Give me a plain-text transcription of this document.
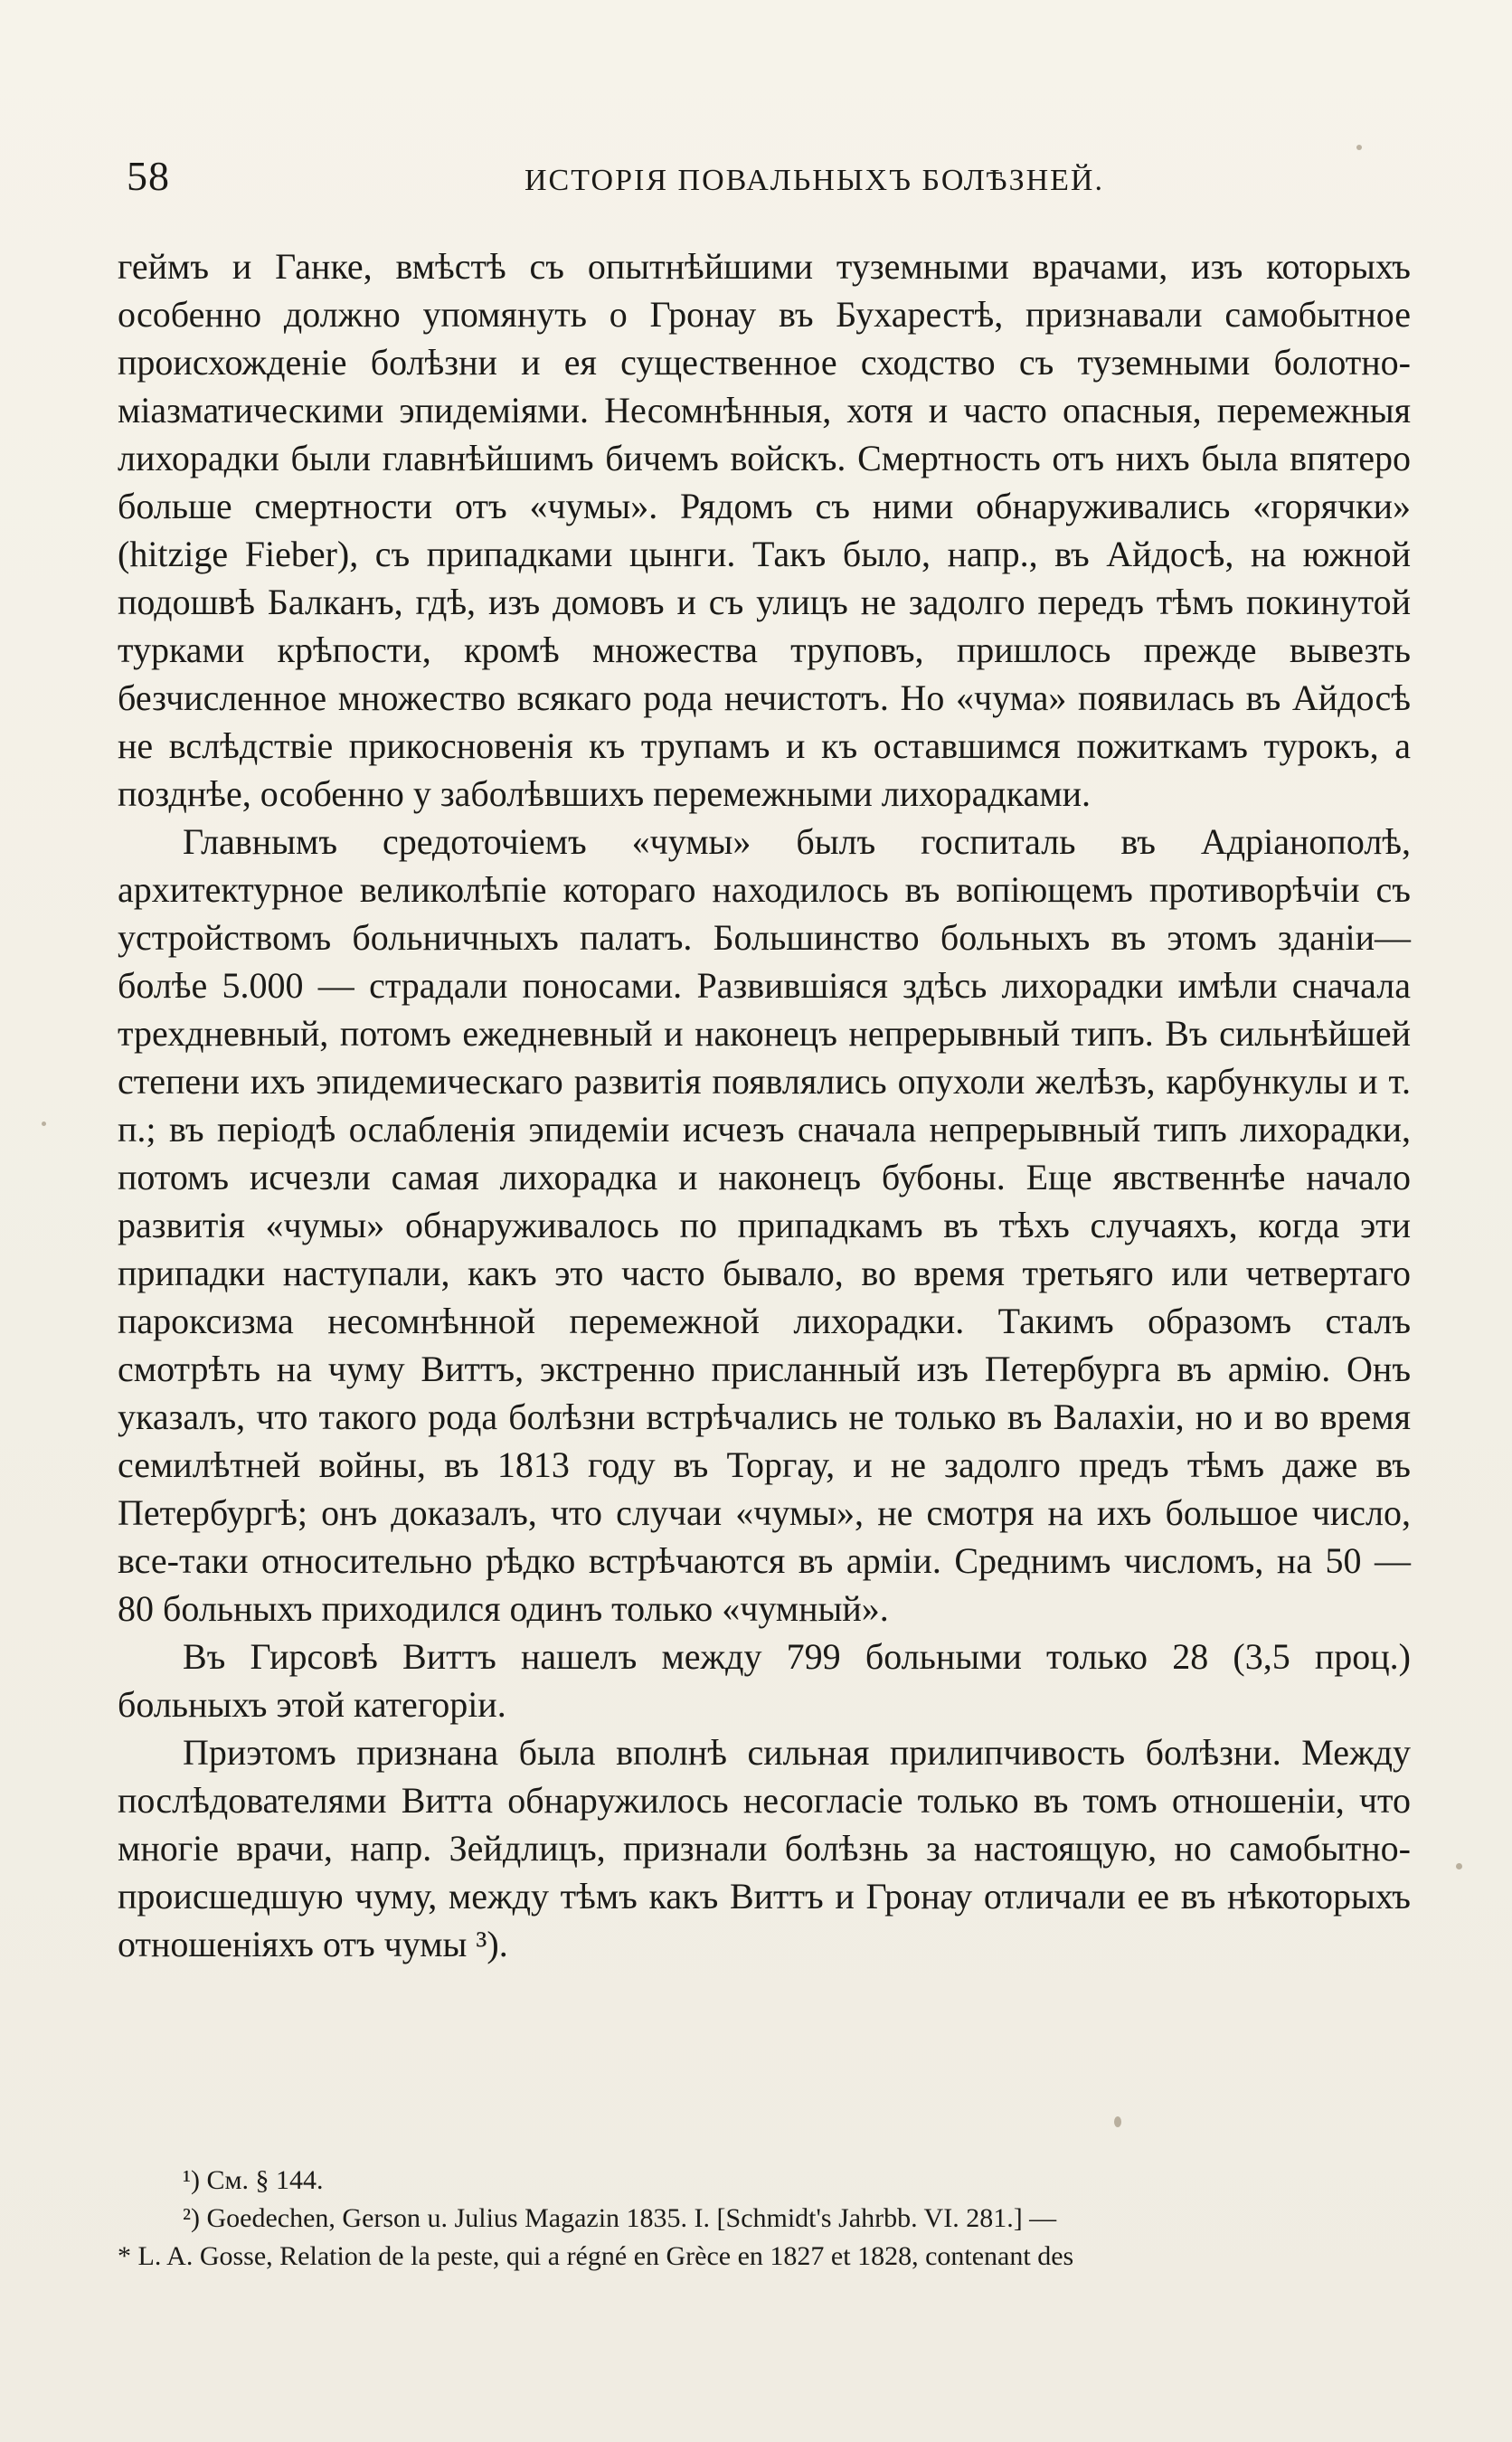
58	ИСТОРІЯ ПОВАЛЬНЫХЪ БОЛѢЗНЕЙ.

геймъ и Ганке, вмѣстѣ съ опытнѣйшими туземными врачами, изъ которыхъ особенно должно упомянуть о Гронау въ Бухарестѣ, признавали самобытное происхожденіе болѣзни и ея существенное сходство съ туземными болотно-міазматическими эпидеміями. Несомнѣнныя, хотя и часто опасныя, перемежныя лихорадки были главнѣйшимъ бичемъ войскъ. Смертность отъ нихъ была впятеро больше смертности отъ «чумы». Рядомъ съ ними обнаруживались «горячки» (hitzige Fieber), съ припадками цынги. Такъ было, напр., въ Айдосѣ, на южной подошвѣ Балканъ, гдѣ, изъ домовъ и съ улицъ не задолго передъ тѣмъ покинутой турками крѣпости, кромѣ множества труповъ, пришлось прежде вывезть безчисленное множество всякаго рода нечистотъ. Но «чума» появилась въ Айдосѣ не вслѣдствіе прикосновенія къ трупамъ и къ оставшимся пожиткамъ турокъ, а позднѣе, особенно у заболѣвшихъ перемежными лихорадками.

Главнымъ средоточіемъ «чумы» былъ госпиталь въ Адріанополѣ, архитектурное великолѣпіе котораго находилось въ вопіющемъ противорѣчіи съ устройствомъ больничныхъ палатъ. Большинство больныхъ въ этомъ зданіи— болѣе 5.000 — страдали поносами. Развившіяся здѣсь лихорадки имѣли сначала трехдневный, потомъ ежедневный и наконецъ непрерывный типъ. Въ сильнѣйшей степени ихъ эпидемическаго развитія появлялись опухоли желѣзъ, карбункулы и т. п.; въ періодѣ ослабленія эпидеміи исчезъ сначала непрерывный типъ лихорадки, потомъ исчезли самая лихорадка и наконецъ бубоны. Еще явственнѣе начало развитія «чумы» обнаруживалось по припадкамъ въ тѣхъ случаяхъ, когда эти припадки наступали, какъ это часто бывало, во время третьяго или четвертаго пароксизма несомнѣнной перемежной лихорадки. Такимъ образомъ сталъ смотрѣть на чуму Виттъ, экстренно присланный изъ Петербурга въ армію. Онъ указалъ, что такого рода болѣзни встрѣчались не только въ Валахіи, но и во время семилѣтней войны, въ 1813 году въ Торгау, и не задолго предъ тѣмъ даже въ Петербургѣ; онъ доказалъ, что случаи «чумы», не смотря на ихъ большое число, все-таки относительно рѣдко встрѣчаются въ арміи. Среднимъ числомъ, на 50 — 80 больныхъ приходился одинъ только «чумный».

Въ Гирсовѣ Виттъ нашелъ между 799 больными только 28 (3,5 проц.) больныхъ этой категоріи.

Приэтомъ признана была вполнѣ сильная прилипчивость болѣзни. Между послѣдователями Витта обнаружилось несогласіе только въ томъ отношеніи, что многіе врачи, напр. Зейдлицъ, признали болѣзнь за настоящую, но самобытно-происшедшую чуму, между тѣмъ какъ Виттъ и Гронау отличали ее въ нѣкоторыхъ отношеніяхъ отъ чумы ³).

¹) См. § 144.

²) Goedechen, Gerson u. Julius Magazin 1835. I. [Schmidt's Jahrbb. VI. 281.] —

* L. A. Gosse, Relation de la peste, qui a régné en Grèce en 1827 et 1828, contenant des
